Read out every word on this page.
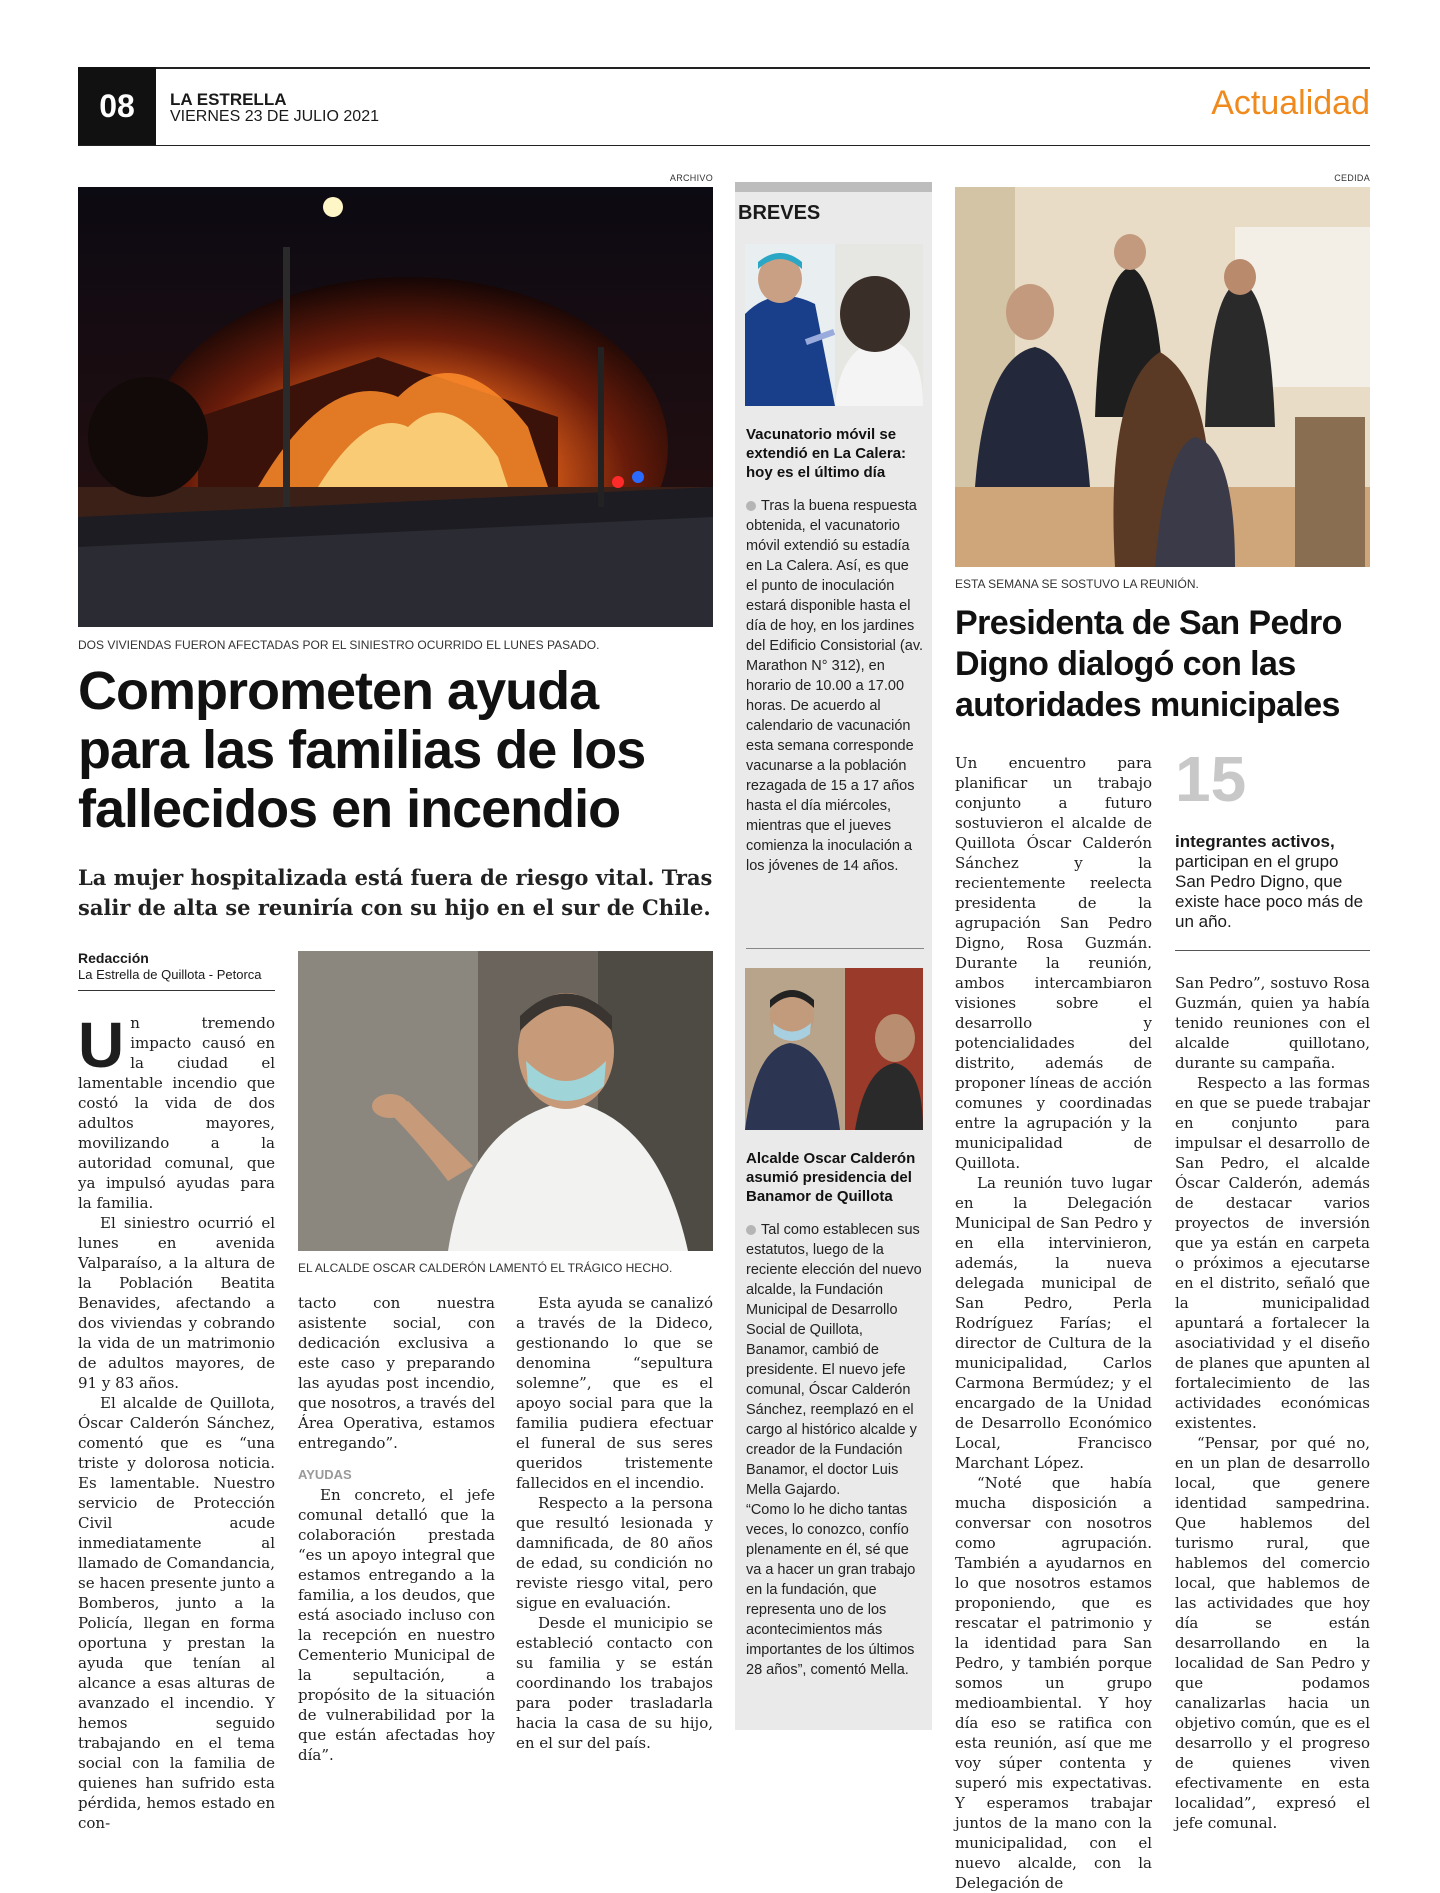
08	LA ESTRELLA
VIERNES 23 DE JULIO 2021	Actualidad
ARCHIVO
DOS VIVIENDAS FUERON AFECTADAS POR EL SINIESTRO OCURRIDO EL LUNES PASADO.
Comprometen ayuda
para las familias de los
fallecidos en incendio
La mujer hospitalizada está fuera de riesgo vital. Tras salir de alta se reuniría con su hijo en el sur de Chile.
Redacción
La Estrella de Quillota - Petorca
EL ALCALDE OSCAR CALDERÓN LAMENTÓ EL TRÁGICO HECHO.

Un tremendo impacto causó en la ciudad el lamentable incendio que costó la vida de dos adultos mayores, movilizando a la autoridad comunal, que ya impulsó ayudas para la familia.

El siniestro ocurrió el lunes en avenida Valparaíso, a la altura de la Población Beatita Benavides, afectando a dos viviendas y cobrando la vida de un matrimonio de adultos mayores, de 91 y 83 años.

El alcalde de Quillota, Óscar Calderón Sánchez, comentó que es “una triste y dolorosa noticia. Es lamentable. Nuestro servicio de Protección Civil acude inmediatamente al llamado de Comandancia, se hacen presente junto a Bomberos, junto a la Policía, llegan en forma oportuna y prestan la ayuda que tenían al alcance a esas alturas de avanzado el incendio. Y hemos seguido trabajando en el tema social con la familia de quienes han sufrido esta pérdida, hemos estado en con-

tacto con nuestra asistente social, con dedicación exclusiva a este caso y preparando las ayudas post incendio, que nosotros, a través del Área Operativa, estamos entregando”.

AYUDAS

En concreto, el jefe comunal detalló que la colaboración prestada “es un apoyo integral que estamos entregando a la familia, a los deudos, que está asociado incluso con la recepción en nuestro Cementerio Municipal de la sepultación, a propósito de la situación de vulnerabilidad por la que están afectadas hoy día”.

Esta ayuda se canalizó a través de la Dideco, gestionando lo que se denomina “sepultura solemne”, que es el apoyo social para que la familia pudiera efectuar el funeral de sus seres queridos tristemente fallecidos en el incendio.

Respecto a la persona que resultó lesionada y damnificada, de 80 años de edad, su condición no reviste riesgo vital, pero sigue en evaluación.

Desde el municipio se estableció contacto con su familia y se están coordinando los trabajos para poder trasladarla hacia la casa de su hijo, en el sur del país.

BREVES
Vacunatorio móvil se extendió en La Calera: hoy es el último día
Tras la buena respuesta obtenida, el vacunatorio móvil extendió su estadía en La Calera. Así, es que el punto de inoculación estará disponible hasta el día de hoy, en los jardines del Edificio Consistorial (av. Marathon N° 312), en horario de 10.00 a 17.00 horas. De acuerdo al calendario de vacunación esta semana corresponde vacunarse a la población rezagada de 15 a 17 años hasta el día miércoles, mientras que el jueves comienza la inoculación a los jóvenes de 14 años.
Alcalde Oscar Calderón asumió presidencia del Banamor de Quillota
Tal como establecen sus estatutos, luego de la reciente elección del nuevo alcalde, la Fundación Municipal de Desarrollo Social de Quillota, Banamor, cambió de presidente. El nuevo jefe comunal, Óscar Calderón Sánchez, reemplazó en el cargo al histórico alcalde y creador de la Fundación Banamor, el doctor Luis Mella Gajardo.
“Como lo he dicho tantas veces, lo conozco, confío plenamente en él, sé que va a hacer un gran trabajo en la fundación, que representa uno de los acontecimientos más importantes de los últimos 28 años”, comentó Mella.
CEDIDA
ESTA SEMANA SE SOSTUVO LA REUNIÓN.
Presidenta de San Pedro
Digno dialogó con las
autoridades municipales

Un encuentro para planificar un trabajo conjunto a futuro sostuvieron el alcalde de Quillota Óscar Calderón Sánchez y la recientemente reelecta presidenta de la agrupación San Pedro Digno, Rosa Guzmán. Durante la reunión, ambos intercambiaron visiones sobre el desarrollo y potencialidades del distrito, además de proponer líneas de acción comunes y coordinadas entre la agrupación y la municipalidad de Quillota.

La reunión tuvo lugar en la Delegación Municipal de San Pedro y en ella intervinieron, además, la nueva delegada municipal de San Pedro, Perla Rodríguez Farías; el director de Cultura de la municipalidad, Carlos Carmona Bermúdez; y el encargado de la Unidad de Desarrollo Económico Local, Francisco Marchant López.

“Noté que había mucha disposición a conversar con nosotros como agrupación. También a ayudarnos en lo que nosotros estamos proponiendo, que es rescatar el patrimonio y la identidad para San Pedro, y también porque somos un grupo medioambiental. Y hoy día eso se ratifica con esta reunión, así que me voy súper contenta y superó mis expectativas. Y esperamos trabajar juntos de la mano con la municipalidad, con el nuevo alcalde, con la Delegación de

15
integrantes activos, participan en el grupo San Pedro Digno, que existe hace poco más de un año.

San Pedro”, sostuvo Rosa Guzmán, quien ya había tenido reuniones con el alcalde quillotano, durante su campaña.

Respecto a las formas en que se puede trabajar en conjunto para impulsar el desarrollo de San Pedro, el alcalde Óscar Calderón, además de destacar varios proyectos de inversión que ya están en carpeta o próximos a ejecutarse en el distrito, señaló que la municipalidad apuntará a fortalecer la asociatividad y el diseño de planes que apunten al fortalecimiento de las actividades económicas existentes.

“Pensar, por qué no, en un plan de desarrollo local, que genere identidad sampedrina. Que hablemos del turismo rural, que hablemos del comercio local, que hablemos de las actividades que hoy día se están desarrollando en la localidad de San Pedro y que podamos canalizarlas hacia un objetivo común, que es el desarrollo y el progreso de quienes viven efectivamente en esta localidad”, expresó el jefe comunal.
